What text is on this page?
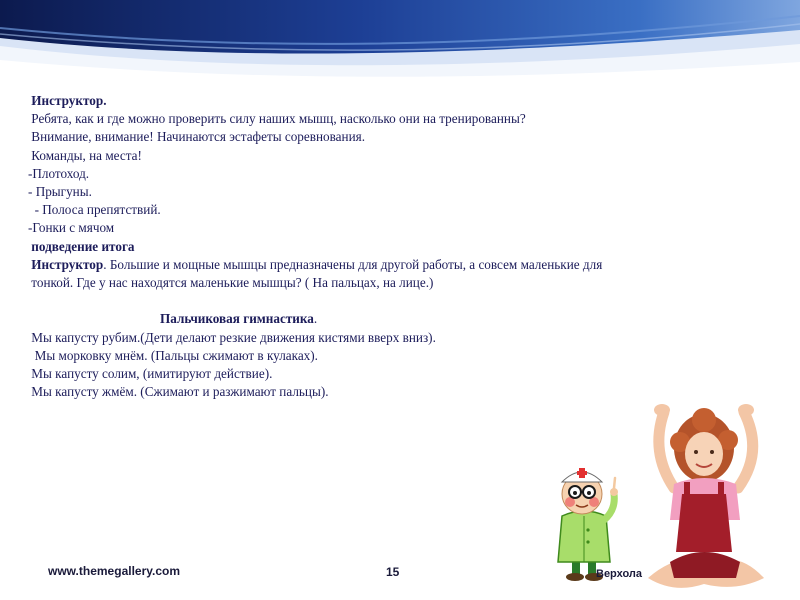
Инструктор.
Ребята, как и где можно проверить силу наших мышц, насколько они на тренированны?
Внимание, внимание! Начинаются эстафеты соревнования.
Команды, на места!
-Плотоход.
- Прыгуны.
- Полоса препятствий.
-Гонки с мячом
подведение итога
Инструктор. Большие и мощные мышцы предназначены для другой работы, а совсем маленькие для
тонкой. Где у нас находятся маленькие мышцы? ( На пальцах, на лице.)

Пальчиковая гимнастика.
Мы капусту рубим.(Дети делают резкие движения кистями вверх вниз).
Мы морковку мнём. (Пальцы сжимают в кулаках).
Мы капусту солим, (имитируют действие).
Мы капусту жмём. (Сжимают и разжимают пальцы).
www.themegallery.com	15	Верхола
